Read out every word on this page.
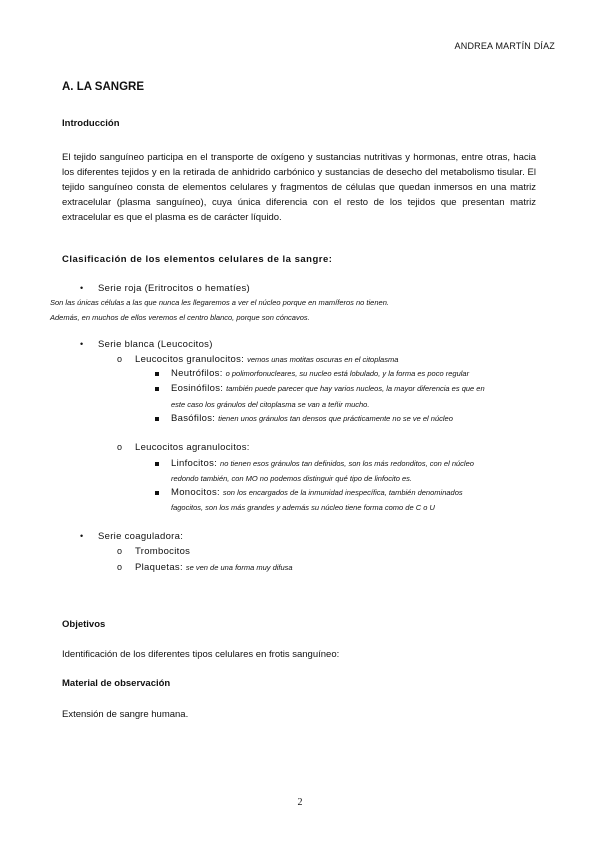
ANDREA MARTÍN DÍAZ
A. LA SANGRE
Introducción
El tejido sanguíneo participa en el transporte de oxígeno y sustancias nutritivas y hormonas, entre otras, hacia los diferentes tejidos y en la retirada de anhidrido carbónico y sustancias de desecho del metabolismo tisular. El tejido sanguíneo consta de elementos celulares y fragmentos de células que quedan inmersos en una matriz extracelular (plasma sanguíneo), cuya única diferencia con el resto de los tejidos que presentan matriz extracelular es que el plasma es de carácter líquido.
Clasificación de los elementos celulares de la sangre:
• Serie roja (Eritrocitos o hematíes)
Son las únicas células a las que nunca les llegaremos a ver el núcleo porque en mamíferos no tienen.
Además, en muchos de ellos veremos el centro blanco, porque son cóncavos.
• Serie blanca (Leucocitos)
o Leucocitos granulocitos: vemos unas motitas oscuras en el citoplasma
Neutrófilos: o polimorfonucleares, su nucleo está lobulado, y la forma es poco regular
Eosinófilos: también puede parecer que hay varios nucleos, la mayor diferencia es que en
este caso los gránulos del citoplasma se van a teñir mucho.
Basófilos: tienen unos gránulos tan densos que prácticamente no se ve el núcleo
o Leucocitos agranulocitos:
Linfocitos: no tienen esos gránulos tan definidos, son los más redonditos, con el núcleo
redondo también, con MO no podemos distinguir qué tipo de linfocito es.
Monocitos: son los encargados de la inmunidad inespecífica, también denominados
fagocitos, son los más grandes y además su núcleo tiene forma como de C o U
• Serie coaguladora:
o Trombocitos
o Plaquetas: se ven de una forma muy difusa
Objetivos
Identificación de los diferentes tipos celulares en frotis sanguíneo:
Material de observación
Extensión de sangre humana.
2
